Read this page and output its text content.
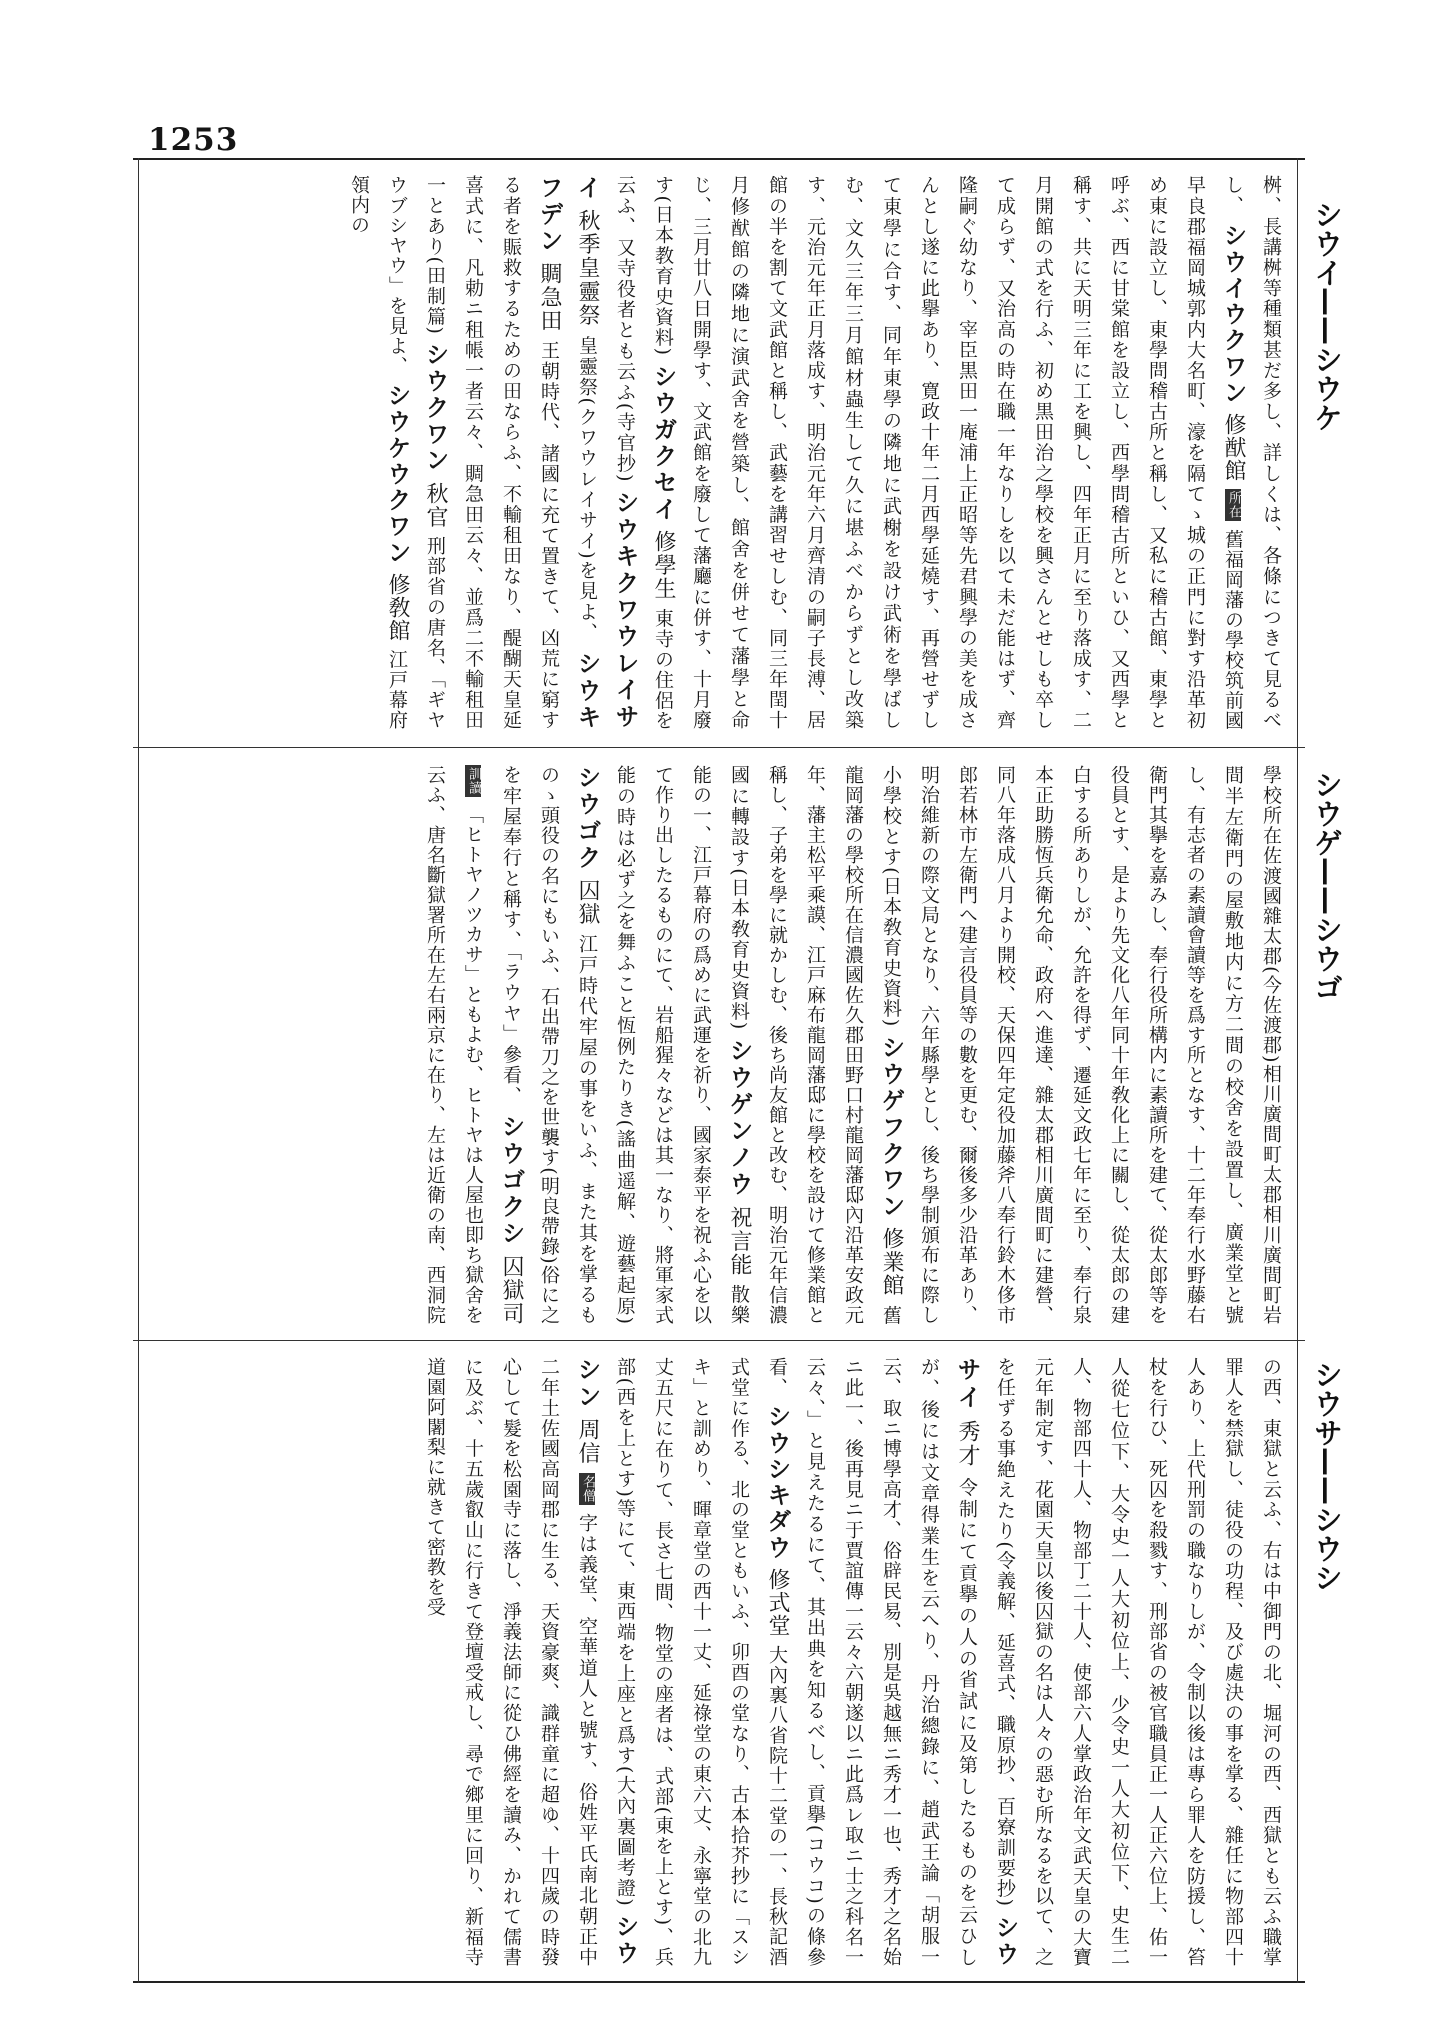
1253
シウイ——シウケ
シウゲ——シウゴ
シウサ——シウシ
桝、長講桝等種類甚だ多し、詳しくは、各條につきて見るべし、 シウイウクワン 修猷館 所在 舊福岡藩の學校筑前國早良郡福岡城郭内大名町、濠を隔てゝ城の正門に對す沿革初め東に設立し、東學問稽古所と稱し、又私に稽古館、東學と呼ぶ、西に甘棠館を設立し、西學問稽古所といひ、又西學と稱す、共に天明三年に工を興し、四年正月に至り落成す、二月開館の式を行ふ、初め黒田治之學校を興さんとせしも卒して成らず、又治高の時在職一年なりしを以て未だ能はず、齊隆嗣ぐ幼なり、宰臣黒田一庵浦上正昭等先君興學の美を成さんとし遂に此擧あり、寛政十年二月西學延燒す、再營せずして東學に合す、同年東學の隣地に武榭を設け武術を學ばしむ、文久三年三月館材蟲生して久に堪ふべからずとし改築す、元治元年正月落成す、明治元年六月齊清の嗣子長溥、居館の半を割て文武館と稱し、武藝を講習せしむ、同三年閏十月修猷館の隣地に演武舍を營築し、館舍を併せて藩學と命じ、三月廿八日開學す、文武館を廢して藩廳に併す、十月廢す(日本教育史資料) シウガクセイ 修學生 東寺の住侶を云ふ、又寺役者とも云ふ(寺官抄) シウキクワウレイサイ 秋季皇靈祭 皇靈祭(クワウレイサイ)を見よ、 シウキフデン 賙急田 王朝時代、諸國に充て置きて、凶荒に窮する者を賑救するための田ならふ、不輸租田なり、醍醐天皇延喜式に、凡勅ニ租帳一者云々、賙急田云々、並爲二不輸租田一とあり(田制篇) シウクワン 秋官 刑部省の唐名、「ギヤウブシヤウ」を見よ、 シウケウクワン 修敎館 江戸幕府領内の
學校所在佐渡國雜太郡(今佐渡郡)相川廣間町太郡相川廣間町岩間半左衛門の屋敷地内に方二間の校舍を設置し、廣業堂と號し、有志者の素讀會讀等を爲す所となす、十二年奉行水野藤右衛門其擧を嘉みし、奉行役所構内に素讀所を建て、從太郎等を役員とす、是より先文化八年同十年敎化上に關し、從太郎の建白する所ありしが、允許を得ず、遷延文政七年に至り、奉行泉本正助勝恆兵衛允命、政府へ進達、雜太郡相川廣間町に建營、同八年落成八月より開校、天保四年定役加藤斧八奉行鈴木侈市郎若林市左衛門へ建言役員等の數を更む、爾後多少沿革あり、明治維新の際文局となり、六年縣學とし、後ち學制頒布に際し小學校とす(日本敎育史資料) シウゲフクワン 修業館 舊龍岡藩の學校所在信濃國佐久郡田野口村龍岡藩邸內沿革安政元年、藩主松平乘謨、江戸麻布龍岡藩邸に學校を設けて修業館と稱し、子弟を學に就かしむ、後ち尚友館と改む、明治元年信濃國に轉設す(日本敎育史資料) シウゲンノウ 祝言能 散樂能の一、江戸幕府の爲めに武運を祈り、國家泰平を祝ふ心を以て作り出したるものにて、岩船猩々などは其一なり、將軍家式能の時は必ず之を舞ふこと恆例たりき(謠曲遥解、遊藝起原) シウゴク 囚獄 江戸時代牢屋の事をいふ、また其を掌るものゝ頭役の名にもいふ、石出帶刀之を世襲す(明良帶錄)俗に之を牢屋奉行と稱す、「ラウヤ」參看、 シウゴクシ 囚獄司 訓讀 「ヒトヤノツカサ」ともよむ、ヒトヤは人屋也即ち獄舍を云ふ、唐名斷獄署所在左右兩京に在り、左は近衛の南、西洞院
の西、東獄と云ふ、右は中御門の北、堀河の西、西獄とも云ふ職掌罪人を禁獄し、徒役の功程、及び處決の事を掌る、雜任に物部四十人あり、上代刑罰の職なりしが、令制以後は專ら罪人を防援し、笞杖を行ひ、死囚を殺戮す、刑部省の被官職員正一人正六位上、佑一人從七位下、大令史一人大初位上、少令史一人大初位下、史生二人、物部四十人、物部丁二十人、使部六人掌政治年文武天皇の大寶元年制定す、花園天皇以後囚獄の名は人々の惡む所なるを以て、之を任ずる事絶えたり(令義解、延喜式、職原抄、百寮訓要抄) シウサイ 秀才 令制にて貢擧の人の省試に及第したるものを云ひしが、後には文章得業生を云へり、丹治總錄に、趙武王論「胡服一云、取ニ博學高才、俗辟民易、別是吳越無ニ秀才一也、秀才之名始ニ此一、後再見ニ于賈誼傳一云々六朝遂以ニ此爲レ取ニ士之科名一云々、」と見えたるにて、其出典を知るべし、貢擧(コウコ)の條參看、 シウシキダウ 修式堂 大內裏八省院十二堂の一、長秋記酒式堂に作る、北の堂ともいふ、卯酉の堂なり、古本拾芥抄に「スシキ」と訓めり、暉章堂の西十一丈、延祿堂の東六丈、永寧堂の北九丈五尺に在りて、長さ七間、物堂の座者は、式部(東を上とす)、兵部(西を上とす)等にて、東西端を上座と爲す(大內裏圖考證) シウシン 周信 名僧 字は義堂、空華道人と號す、俗姓平氏南北朝正中二年土佐國高岡郡に生る、天資豪爽、識群童に超ゆ、十四歲の時發心して髮を松園寺に落し、淨義法師に從ひ佛經を讀み、かれて儒書に及ぶ、十五歲叡山に行きて登壇受戒し、尋で鄉里に回り、新福寺道園阿闍梨に就きて密教を受
